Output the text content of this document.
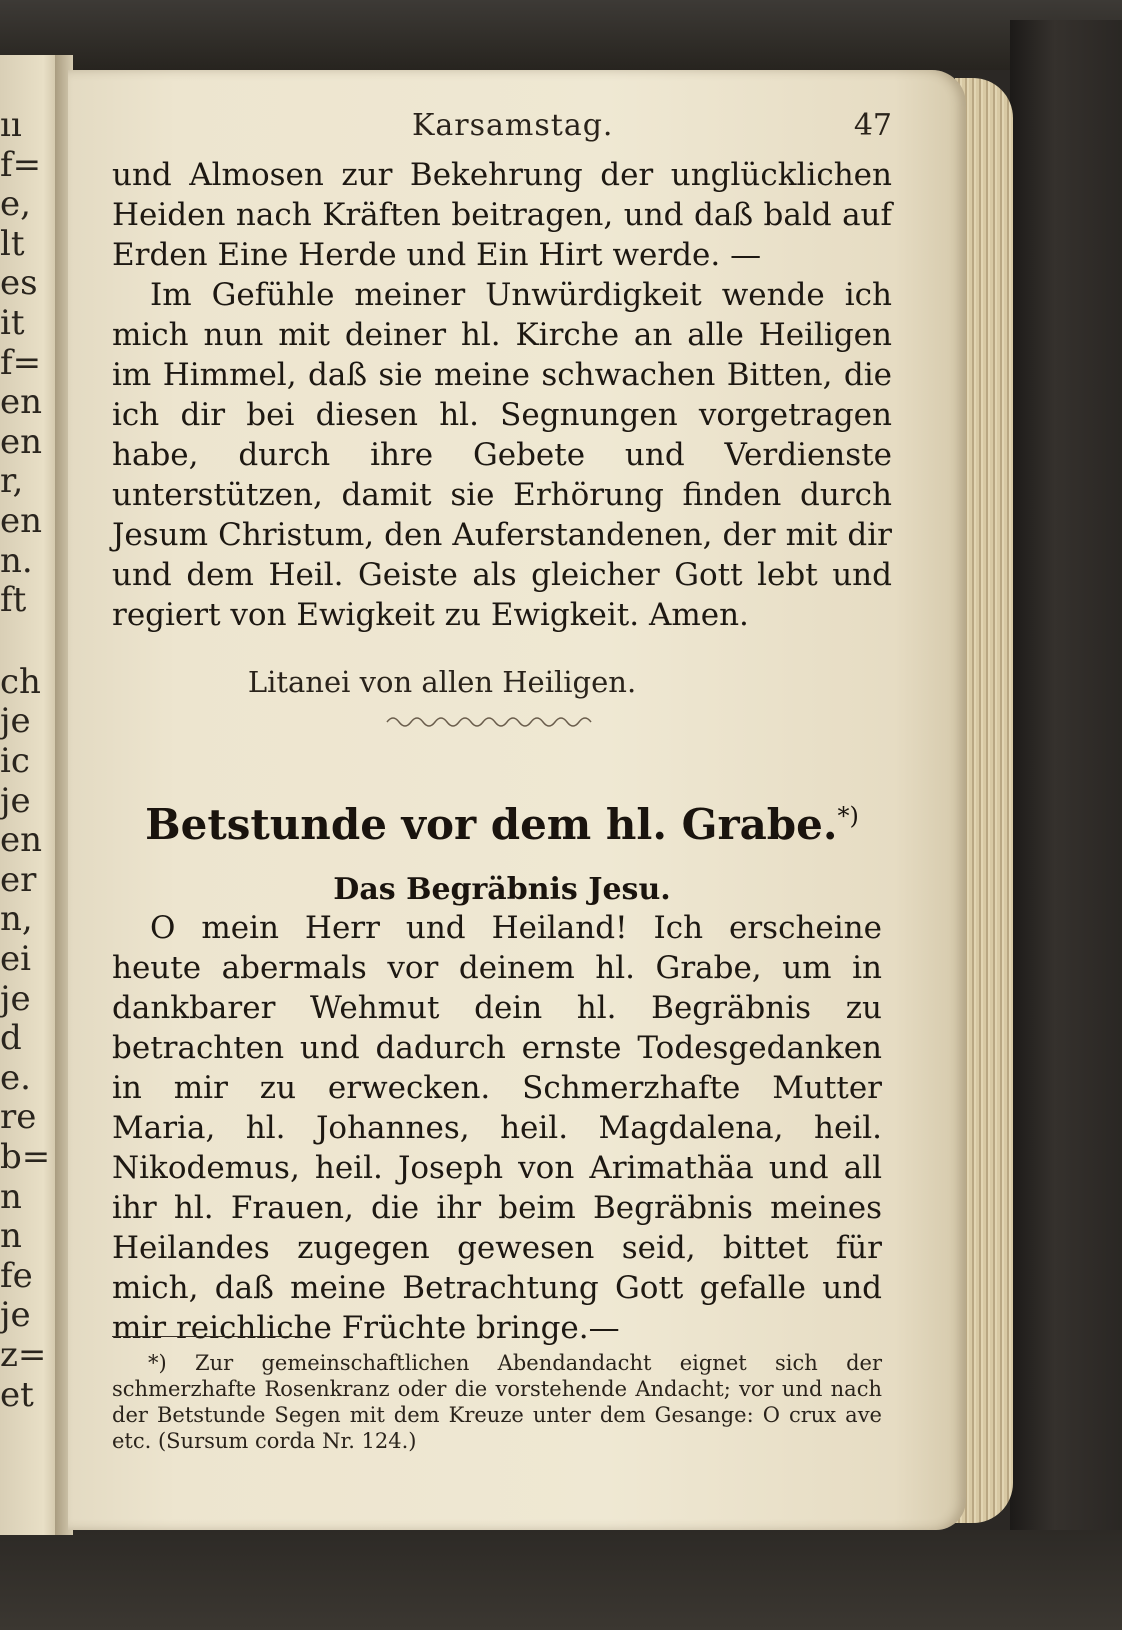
ıı
f=
e,
lt
es
it
f=
en
en
r,
en
n.
ft
ch
je
ic
je
en
er
n,
ei
je
d
e.
re
b=
n
n
fe
je
z=
et
Karsamstag.	47

und Almosen zur Bekehrung der unglücklichen Heiden nach Kräften beitragen, und daß bald auf Erden Eine Herde und Ein Hirt werde. —

Im Gefühle meiner Unwürdigkeit wende ich mich nun mit deiner hl. Kirche an alle Heiligen im Himmel, daß sie meine schwachen Bitten, die ich dir bei diesen hl. Segnungen vorgetragen habe, durch ihre Gebete und Verdienste unterstützen, damit sie Erhörung finden durch Jesum Christum, den Auferstandenen, der mit dir und dem Heil. Geiste als gleicher Gott lebt und regiert von Ewigkeit zu Ewigkeit. Amen.

Litanei von allen Heiligen.
Betstunde vor dem hl. Grabe.*)
Das Begräbnis Jesu.

O mein Herr und Heiland! Ich erscheine heute abermals vor deinem hl. Grabe, um in dankbarer Wehmut dein hl. Begräbnis zu betrachten und dadurch ernste Todesgedanken in mir zu erwecken. Schmerzhafte Mutter Maria, hl. Johannes, heil. Magdalena, heil. Nikodemus, heil. Joseph von Arimathäa und all ihr hl. Frauen, die ihr beim Begräbnis meines Heilandes zugegen gewesen seid, bittet für mich, daß meine Betrachtung Gott gefalle und mir reichliche Früchte bringe.—

*) Zur gemeinschaftlichen Abendandacht eignet sich der schmerzhafte Rosenkranz oder die vorstehende Andacht; vor und nach der Betstunde Segen mit dem Kreuze unter dem Gesange: O crux ave etc. (Sursum corda Nr. 124.)
